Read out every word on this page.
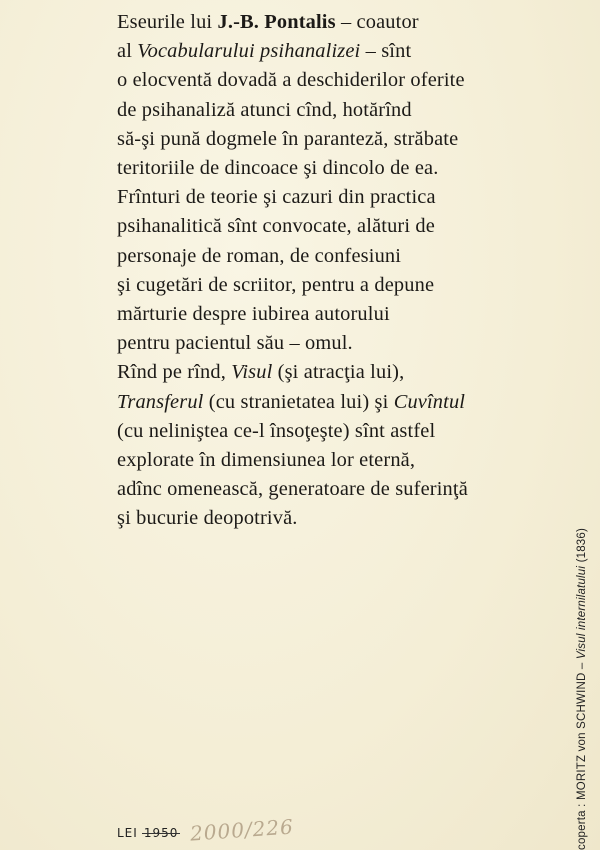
Eseurile lui J.-B. Pontalis – coautor
al Vocabularului psihanalizei – sînt
o elocventă dovadă a deschiderilor oferite
de psihanaliză atunci cînd, hotărînd
să-şi pună dogmele în paranteză, străbate
teritoriile de dincoace şi dincolo de ea.
Frînturi de teorie şi cazuri din practica
psihanalitică sînt convocate, alături de
personaje de roman, de confesiuni
şi cugetări de scriitor, pentru a depune
mărturie despre iubirea autorului
pentru pacientul său – omul.
Rînd pe rînd, Visul (şi atracţia lui),
Transferul (cu stranietatea lui) şi Cuvîntul
(cu neliniştea ce-l însoţeşte) sînt astfel
explorate în dimensiunea lor eternă,
adînc omenească, generatoare de suferinţă
şi bucurie deopotrivă.
LEI 1950 2000/226	coperta : MORITZ von SCHWIND – Visul internilatului (1836)
